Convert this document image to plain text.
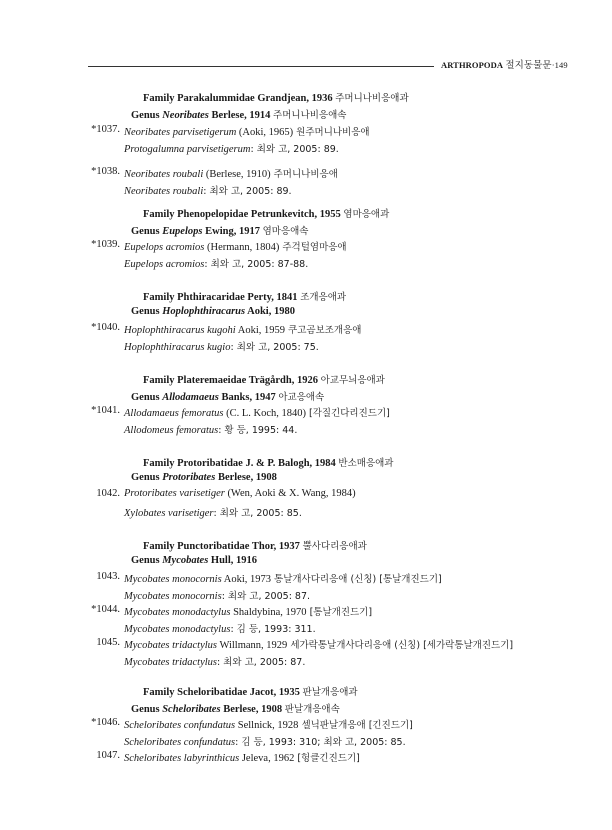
ARTHROPODA 절지동물문·149
Family Parakalummidae Grandjean, 1936 주머니나비응애과
Genus Neoribates Berlese, 1914 주머니나비응애속
*1037. Neoribates parvisetigerum (Aoki, 1965) 원주머니나비응애
Protogalumna parvisetigerum: 최와 고, 2005: 89.
*1038. Neoribates roubali (Berlese, 1910) 주머니나비응애
Neoribates roubali: 최와 고, 2005: 89.
Family Phenopelopidae Petrunkevitch, 1955 염마응애과
Genus Eupelops Ewing, 1917 염마응애속
*1039. Eupelops acromios (Hermann, 1804) 주걱털염마응애
Eupelops acromios: 최와 고, 2005: 87-88.
Family Phthiracaridae Perty, 1841 조개응애과
Genus Hoplophthiracarus Aoki, 1980
*1040. Hoplophthiracarus kugohi Aoki, 1959 쿠고곰보조개응애
Hoplophthiracarus kugio: 최와 고, 2005: 75.
Family Plateremaeidae Trägårdh, 1926 아교무늬응애과
Genus Allodamaeus Banks, 1947 아교응애속
*1041. Allodamaeus femoratus (C. L. Koch, 1840) [각질긴다리진드기]
Allodomeus femoratus: 황 등, 1995: 44.
Family Protoribatidae J. & P. Balogh, 1984 반소매응애과
Genus Protoribates Berlese, 1908
1042. Protoribates varisetiger (Wen, Aoki & X. Wang, 1984)
Xylobates varisetiger: 최와 고, 2005: 85.
Family Punctoribatidae Thor, 1937 뿔사다리응애과
Genus Mycobates Hull, 1916
1043. Mycobates monocornis Aoki, 1973 통날개사다리응애 (신칭) [통날개진드기]
Mycobates monocornis: 최와 고, 2005: 87.
*1044. Mycobates monodactylus Shaldybina, 1970 [통날개진드기]
Mycobates monodactylus: 김 등, 1993: 311.
1045. Mycobates tridactylus Willmann, 1929 세가락통날개사다리응애 (신칭) [세가락통날개진드기]
Mycobates tridactylus: 최와 고, 2005: 87.
Family Scheloribatidae Jacot, 1935 판날개응애과
Genus Scheloribates Berlese, 1908 판날개응애속
*1046. Scheloribates confundatus Sellnick, 1928 셀닉판날개응애 [긴진드기]
Scheloribates confundatus: 김 등, 1993: 310; 최와 고, 2005: 85.
1047. Scheloribates labyrinthicus Jeleva, 1962 [헝클긴진드기]
